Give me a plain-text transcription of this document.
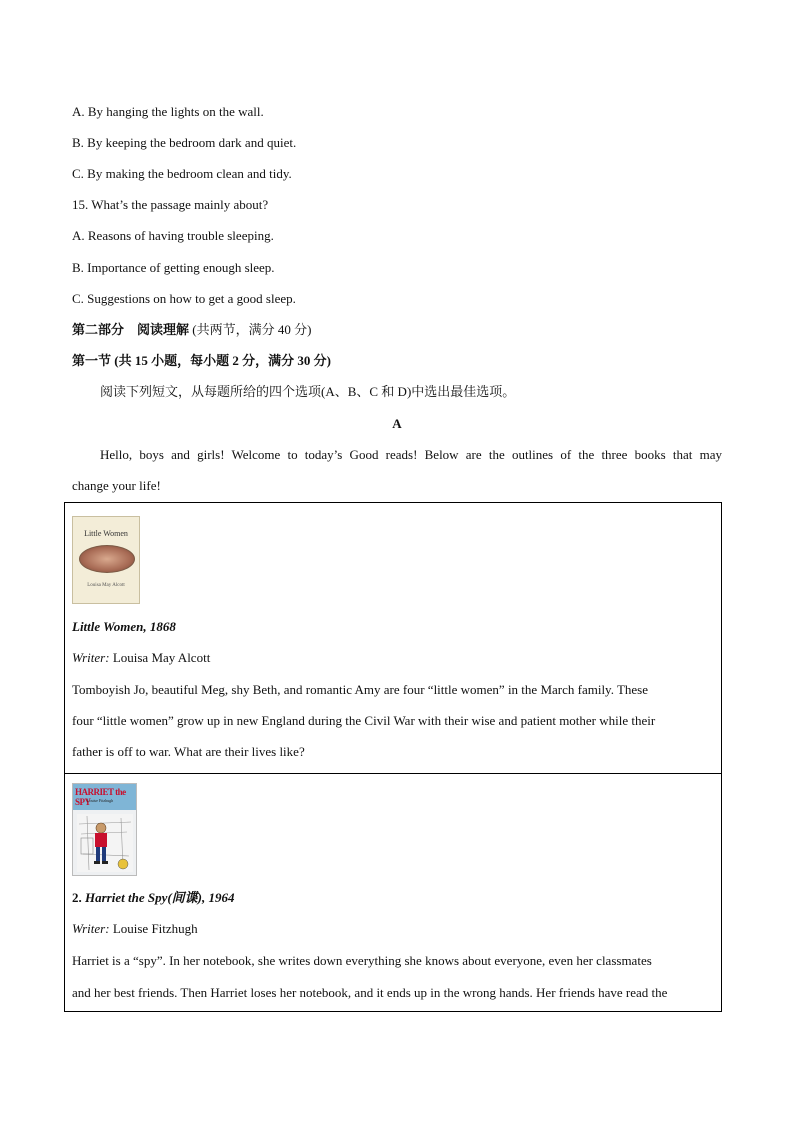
A. By hanging the lights on the wall.
B. By keeping the bedroom dark and quiet.
C. By making the bedroom clean and tidy.
15. What’s the passage mainly about?
A. Reasons of having trouble sleeping.
B. Importance of getting enough sleep.
C. Suggestions on how to get a good sleep.
第二部分　阅读理解 (共两节，满分 40 分)
第一节 (共 15 小题，每小题 2 分，满分 30 分)
阅读下列短文，从每题所给的四个选项(A、B、C 和 D)中选出最佳选项。
A
Hello, boys and girls! Welcome to today’s Good reads! Below are the outlines of the three books that may
change your life!
Little Women
Louisa May Alcott
Little Women, 1868
Writer: Louisa May Alcott
Tomboyish Jo, beautiful Meg, shy Beth, and romantic Amy are four “little women” in the March family. These
four “little women” grow up in new England during the Civil War with their wise and patient mother while their
father is off to war. What are their lives like?
HARRIET the SPY
Louise Fitzhugh
2. Harriet the Spy(间谍), 1964
Writer: Louise Fitzhugh
Harriet is a “spy”. In her notebook, she writes down everything she knows about everyone, even her classmates
and her best friends. Then Harriet loses her notebook, and it ends up in the wrong hands. Her friends have read the
